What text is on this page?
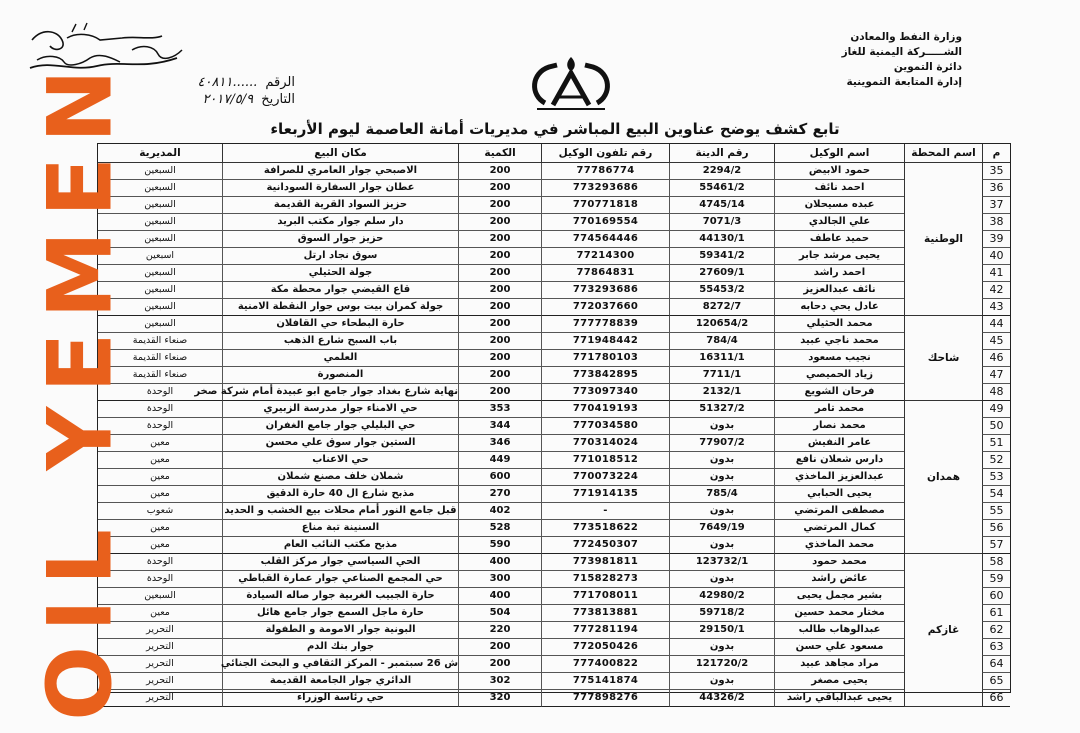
الرقم ......٤٠٨١١
التاريخ ٢٠١٧/٥/٩
وزارة النفط والمعادن
الشـــــركة اليمنية للغاز
دائرة التموين
إدارة المتابعة التموينية
تابع كشف يوضح عناوين البيع المباشر في مديريات أمانة العاصمة ليوم الأربعاء
م
35
36
37
38
39
40
41
42
43
44
45
46
47
48
49
50
51
52
53
54
55
56
57
58
59
60
61
62
63
64
65
66
اسم المحطة
الوطنية
شاحك
همدان
غازكم
اسم الوكيل
رقم الدينة
رقم تلفون الوكيل
الكمية
مكان البيع
المديرية
حمود الابيض
2294/2
77786774
200
الاصبحي جوار العامري للصرافة
السبعين
احمد نائف
55461/2
773293686
200
عطان جوار السفارة السودانية
السبعين
عبده مسيحلان
4745/14
770771818
200
حزيز السواد القرية القديمة
السبعين
علي الجالدي
7071/3
770169554
200
دار سلم جوار مكتب البريد
السبعين
حميد عاطف
44130/1
774564446
200
حزيز جوار السوق
السبعين
يحيى مرشد جابر
59341/2
77214300
200
سوق نجاد ارتل
اسبعين
احمد راشد
27609/1
77864831
200
جولة الحثيلي
السبعين
نائف عبدالعزيز
55453/2
773293686
200
قاع القيضي جوار محطة مكة
السبعين
عادل يحي دحابه
8272/7
772037660
200
جولة كمران بيت بوس جوار النقطة الامنية
السبعين
محمد الحثيلي
120654/2
777778839
200
حارة البطحاء حي القافلان
السبعين
محمد ناجي عبيد
784/4
771948442
200
باب السبح شارع الذهب
صنعاء القديمة
نجيب مسعود
16311/1
771780103
200
العلمي
صنعاء القديمة
زياد الحميصي
7711/1
773842895
200
المنصورة
صنعاء القديمة
فرحان الشويع
2132/1
773097340
200
نهاية شارع بغداد جوار جامع ابو عبيدة أمام شركة صخر
الوحدة
محمد تامر
51327/2
770419193
353
حي الامناء جوار مدرسة الزبيري
الوحدة
محمد نصار
بدون
777034580
344
حي البليلي جوار جامع الغفران
الوحدة
عامر النفيش
77907/2
770314024
346
الستين جوار سوق علي محسن
معين
دارس شعلان نافع
بدون
771018512
449
حي الاعناب
معين
عبدالعزيز الماخذي
بدون
770073224
600
شملان خلف مصنع شملان
معين
يحيى الحبابي
785/4
771914135
270
مذبح شارع ال 40 حارة الدقيق
معين
مصطفى المرتضي
بدون
-
402
قبل جامع النور أمام محلات بيع الخشب و الحديد
شعوب
كمال المرتضي
7649/19
773518622
528
السنينة تبة مناع
معين
محمد الماخذي
بدون
772450307
590
مذبح مكتب النائب العام
معين
محمد حمود
123732/1
773981811
400
الحي السياسي جوار مركز القلب
الوحدة
عائض راشد
بدون
715828273
300
حي المجمع الصناعي جوار عمارة القباطي
الوحدة
بشير مجمل يحيى
42980/2
771708011
400
حارة الجبيب الغربية جوار صاله السيادة
السبعين
مختار محمد حسين
59718/2
773813881
504
حارة ماجل السمع جوار جامع هائل
معين
عبدالوهاب طالب
29150/1
777281194
220
البونية جوار الامومة و الطفولة
التحرير
مسعود علي حسن
بدون
772050426
200
جوار بنك الدم
التحرير
مراد مجاهد عبيد
121720/2
777400822
200
ش 26 سبتمبر - المركز الثقافي و البحث الجنائي
التحرير
يحيى مصغر
بدون
775141874
302
الدائري جوار الجامعة القديمة
التحرير
يحيى عبدالباقي راشد
44326/2
777898276
320
حي رئاسة الوزراء
التحرير
OIL YEMEN
